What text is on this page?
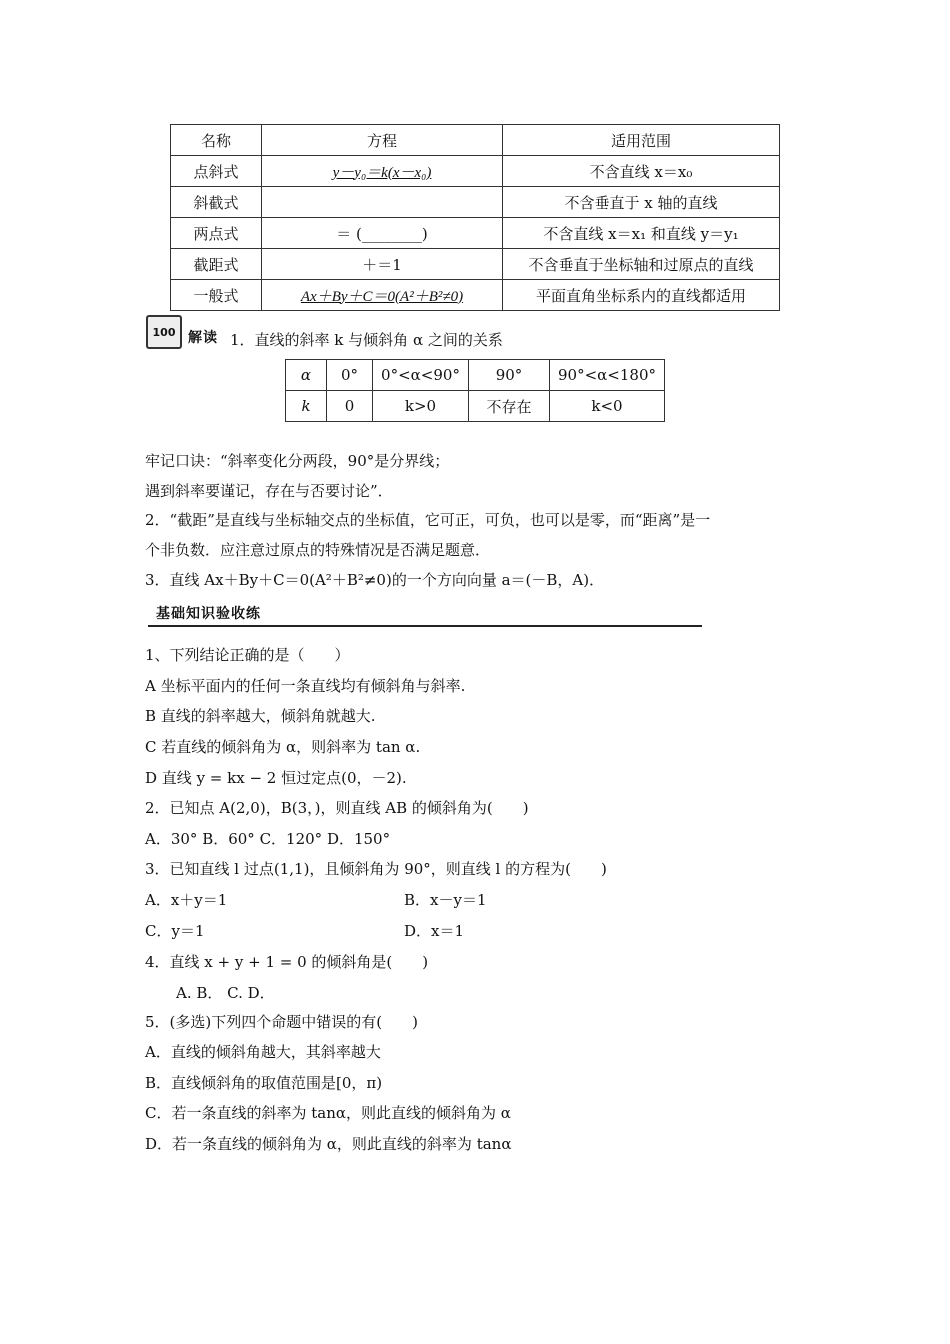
名称	方程	适用范围
点斜式	y－y₀＝k(x－x₀)	不含直线 x＝x₀
斜截式		不含垂直于 x 轴的直线
两点式	＝ (________)	不含直线 x＝x₁ 和直线 y＝y₁
截距式	＋＝1	不含垂直于坐标轴和过原点的直线
一般式	Ax＋By＋C＝0(A²＋B²≠0)	平面直角坐标系内的直线都适用
100 解读 1．直线的斜率 k 与倾斜角 α 之间的关系
α	0°	0°<α<90°	90°	90°<α<180°
k	0	k>0	不存在	k<0
牢记口诀：“斜率变化分两段，90°是分界线；
遇到斜率要谨记，存在与否要讨论”．
2．“截距”是直线与坐标轴交点的坐标值，它可正，可负，也可以是零，而“距离”是一
个非负数．应注意过原点的特殊情况是否满足题意．
3．直线 Ax＋By＋C＝0(A²＋B²≠0)的一个方向向量 a＝(－B，A)．
基础知识验收练
1、下列结论正确的是（　　）
A 坐标平面内的任何一条直线均有倾斜角与斜率.
B 直线的斜率越大，倾斜角就越大.
C 若直线的倾斜角为 α，则斜率为 tan α.
D 直线 y = kx − 2 恒过定点(0，－2).
2．已知点 A(2,0)，B(3，)，则直线 AB 的倾斜角为(　　)
A．30° B．60° C．120° D．150°
3．已知直线 l 过点(1,1)，且倾斜角为 90°，则直线 l 的方程为(　　)
A．x＋y＝1	B．x－y＝1
C．y＝1	D．x＝1
4．直线 x + y + 1 = 0 的倾斜角是(　　)
A. B． C. D．
5．(多选)下列四个命题中错误的有(　　)
A．直线的倾斜角越大，其斜率越大
B．直线倾斜角的取值范围是[0，π)
C．若一条直线的斜率为 tanα，则此直线的倾斜角为 α
D．若一条直线的倾斜角为 α，则此直线的斜率为 tanα
